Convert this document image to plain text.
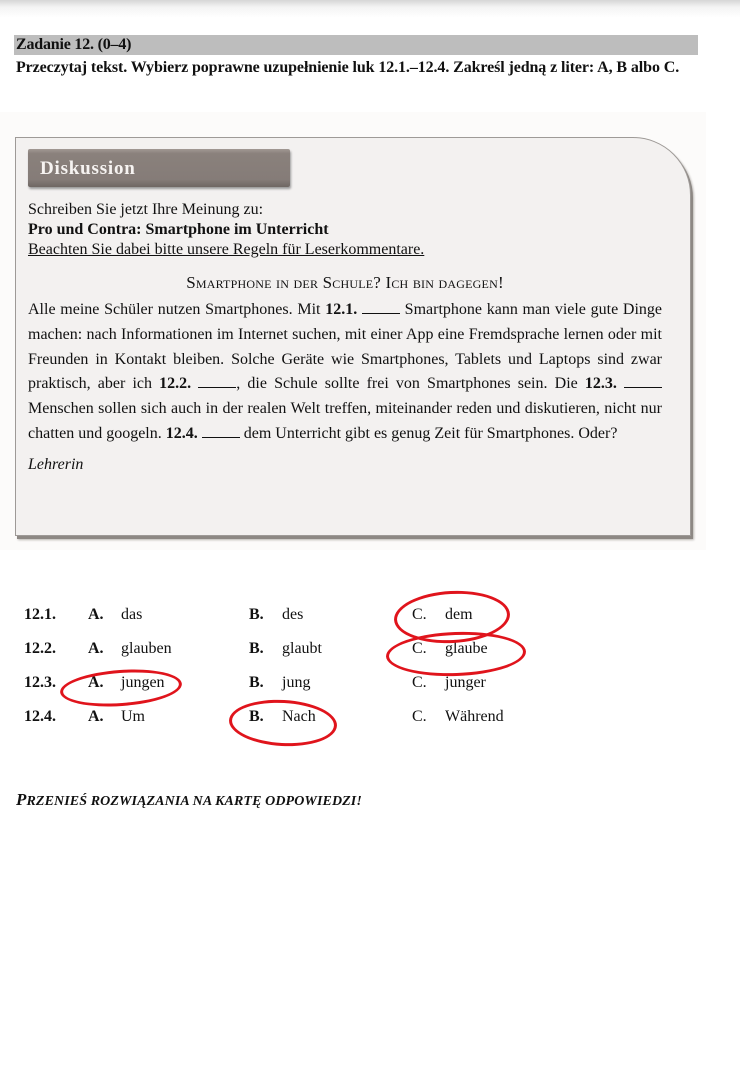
Zadanie 12. (0–4)
Przeczytaj tekst. Wybierz poprawne uzupełnienie luk 12.1.–12.4. Zakreśl jedną z liter: A, B albo C.
Diskussion
Schreiben Sie jetzt Ihre Meinung zu:
Pro und Contra: Smartphone im Unterricht
Beachten Sie dabei bitte unsere Regeln für Leserkommentare.
Smartphone in der Schule? Ich bin dagegen!
Alle meine Schüler nutzen Smartphones. Mit 12.1.	Smartphone kann man viele gute Dinge machen: nach Informationen im Internet suchen, mit einer App eine Fremdsprache lernen oder mit Freunden in Kontakt bleiben. Solche Geräte wie Smartphones, Tablets und Laptops sind zwar praktisch, aber ich 12.2.	, die Schule sollte frei von Smartphones sein. Die 12.3.  Menschen sollen sich auch in der realen Welt treffen, miteinander reden und diskutieren, nicht nur chatten und googeln. 12.4.	dem Unterricht gibt es genug Zeit für Smartphones. Oder?
Lehrerin
12.1. A. das	B. des	C. dem
12.2. A. glauben	B. glaubt	C. glaube
12.3. A. jungen	B. jung	C. junger
12.4. A. Um	B. Nach	C. Während
PRZENIEŚ ROZWIĄZANIA NA KARTĘ ODPOWIEDZI!
